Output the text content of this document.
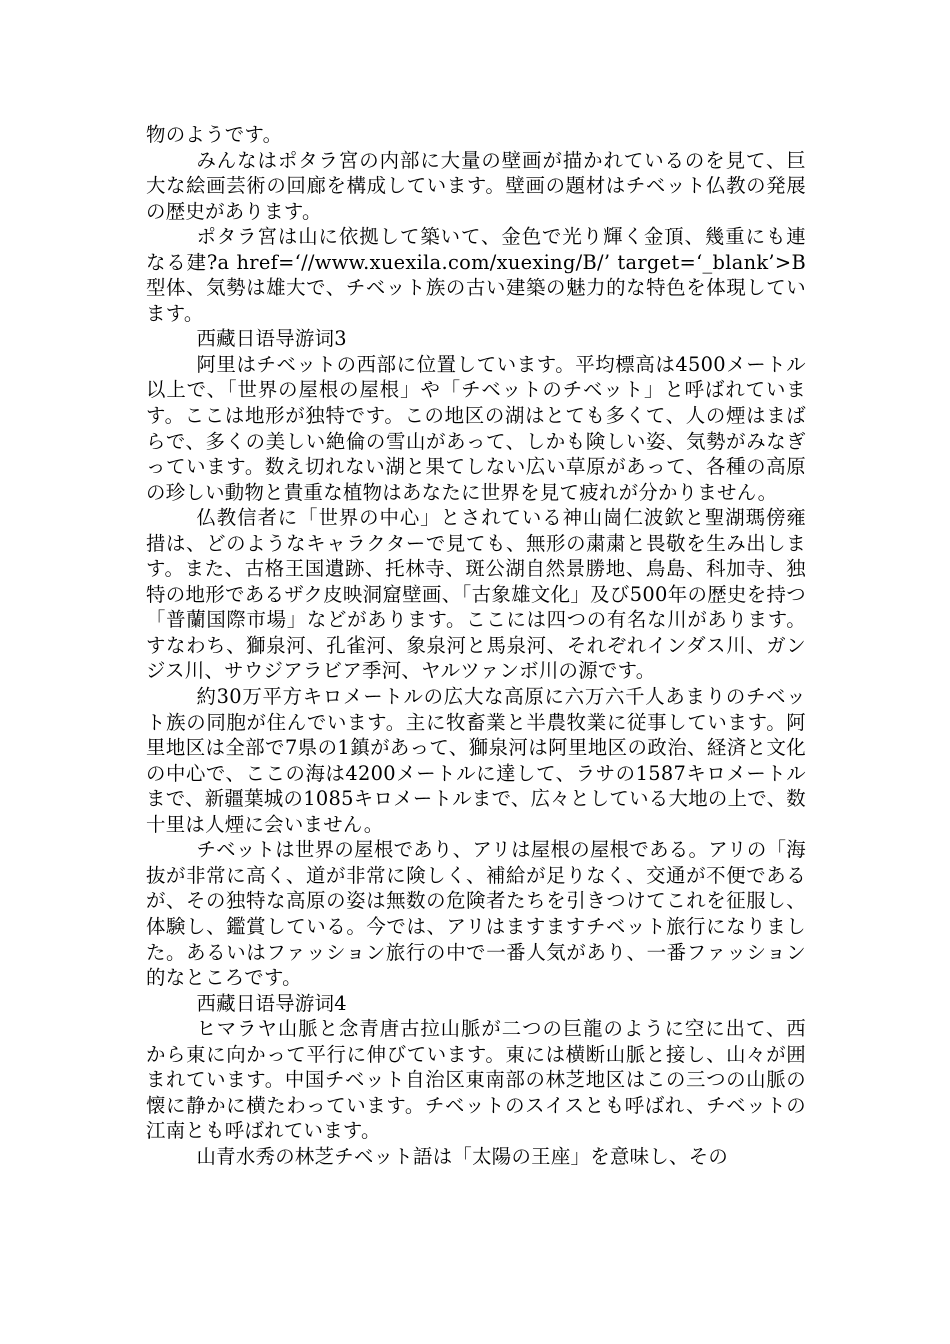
物のようです。

みんなはポタラ宮の内部に大量の壁画が描かれているのを見て、巨大な絵画芸術の回廊を構成しています。壁画の題材はチベット仏教の発展の歴史があります。

ポタラ宮は山に依拠して築いて、金色で光り輝く金頂、幾重にも連なる建?a href=‘//www.xuexila.com/xuexing/B/’ target=‘_blank’>B型体、気勢は雄大で、チベット族の古い建築の魅力的な特色を体現しています。

西藏日语导游词3

阿里はチベットの西部に位置しています。平均標高は4500メートル以上で、「世界の屋根の屋根」や「チベットのチベット」と呼ばれています。ここは地形が独特です。この地区の湖はとても多くて、人の煙はまばらで、多くの美しい絶倫の雪山があって、しかも険しい姿、気勢がみなぎっています。数え切れない湖と果てしない広い草原があって、各種の高原の珍しい動物と貴重な植物はあなたに世界を見て疲れが分かりません。

仏教信者に「世界の中心」とされている神山崗仁波欽と聖湖瑪傍雍措は、どのようなキャラクターで見ても、無形の粛粛と畏敬を生み出します。また、古格王国遺跡、托林寺、斑公湖自然景勝地、鳥島、科加寺、独特の地形であるザク皮映洞窟壁画、「古象雄文化」及び500年の歴史を持つ「普蘭国際市場」などがあります。ここには四つの有名な川があります。すなわち、獅泉河、孔雀河、象泉河と馬泉河、それぞれインダス川、ガンジス川、サウジアラビア季河、ヤルツァンボ川の源です。

約30万平方キロメートルの広大な高原に六万六千人あまりのチベット族の同胞が住んでいます。主に牧畜業と半農牧業に従事しています。阿里地区は全部で7県の1鎮があって、獅泉河は阿里地区の政治、経済と文化の中心で、ここの海は4200メートルに達して、ラサの1587キロメートルまで、新疆葉城の1085キロメートルまで、広々としている大地の上で、数十里は人煙に会いません。

チベットは世界の屋根であり、アリは屋根の屋根である。アリの「海抜が非常に高く、道が非常に険しく、補給が足りなく、交通が不便であるが、その独特な高原の姿は無数の危険者たちを引きつけてこれを征服し、体験し、鑑賞している。今では、アリはますますチベット旅行になりました。あるいはファッション旅行の中で一番人気があり、一番ファッション的なところです。

西藏日语导游词4

ヒマラヤ山脈と念青唐古拉山脈が二つの巨龍のように空に出て、西から東に向かって平行に伸びています。東には横断山脈と接し、山々が囲まれています。中国チベット自治区東南部の林芝地区はこの三つの山脈の懐に静かに横たわっています。チベットのスイスとも呼ばれ、チベットの江南とも呼ばれています。

山青水秀の林芝チベット語は「太陽の王座」を意味し、その
